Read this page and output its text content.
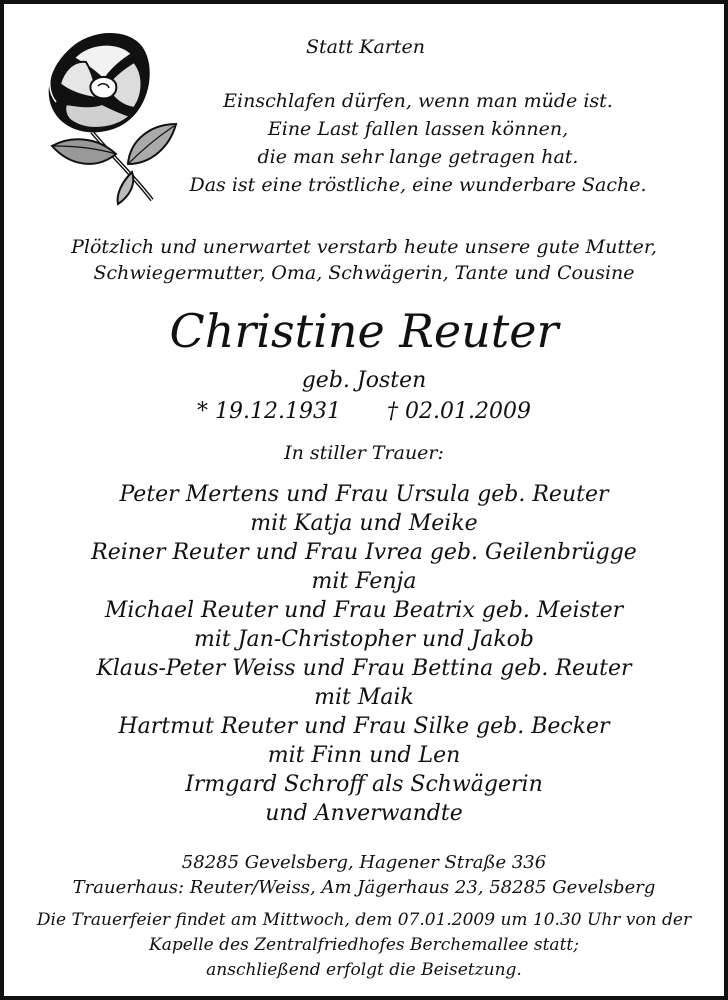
Statt Karten
Einschlafen dürfen, wenn man müde ist.
Eine Last fallen lassen können,
die man sehr lange getragen hat.
Das ist eine tröstliche, eine wunderbare Sache.
Plötzlich und unerwartet verstarb heute unsere gute Mutter,
Schwiegermutter, Oma, Schwägerin, Tante und Cousine
Christine Reuter
geb. Josten
* 19.12.1931 † 02.01.2009
In stiller Trauer:
Peter Mertens und Frau Ursula geb. Reuter
mit Katja und Meike
Reiner Reuter und Frau Ivrea geb. Geilenbrügge
mit Fenja
Michael Reuter und Frau Beatrix geb. Meister
mit Jan-Christopher und Jakob
Klaus-Peter Weiss und Frau Bettina geb. Reuter
mit Maik
Hartmut Reuter und Frau Silke geb. Becker
mit Finn und Len
Irmgard Schroff als Schwägerin
und Anverwandte
58285 Gevelsberg, Hagener Straße 336
Trauerhaus: Reuter/Weiss, Am Jägerhaus 23, 58285 Gevelsberg
Die Trauerfeier findet am Mittwoch, dem 07.01.2009 um 10.30 Uhr von der
Kapelle des Zentralfriedhofes Berchemallee statt;
anschließend erfolgt die Beisetzung.
